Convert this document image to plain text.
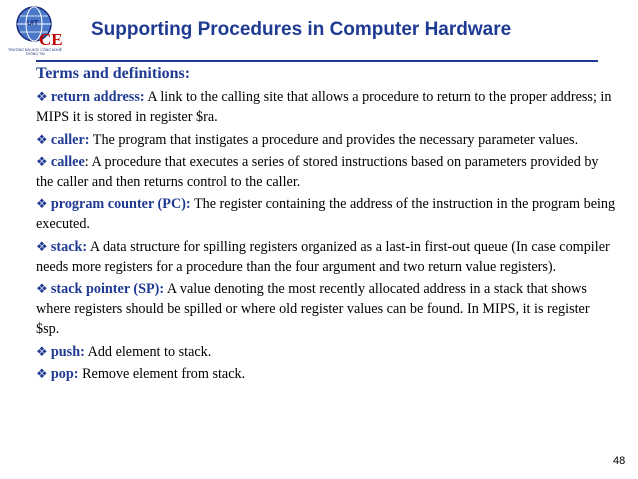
UIT
CE
TRƯỜNG ĐẠI HỌC CÔNG NGHỆ THÔNG TIN
Supporting Procedures in Computer Hardware
Terms and definitions:
❖ return address: A link to the calling site that allows a procedure to return to the proper address; in MIPS it is stored in register $ra.
❖ caller: The program that instigates a procedure and provides the necessary parameter values.
❖ callee: A procedure that executes a series of stored instructions based on parameters provided by the caller and then returns control to the caller.
❖ program counter (PC): The register containing the address of the instruction in the program being executed.
❖ stack: A data structure for spilling registers organized as a last-in first-out queue (In case compiler needs more registers for a procedure than the four argument and two return value registers).
❖ stack pointer (SP): A value denoting the most recently allocated address in a stack that shows where registers should be spilled or where old register values can be found. In MIPS, it is register $sp.
❖ push: Add element to stack.
❖ pop: Remove element from stack.
48
